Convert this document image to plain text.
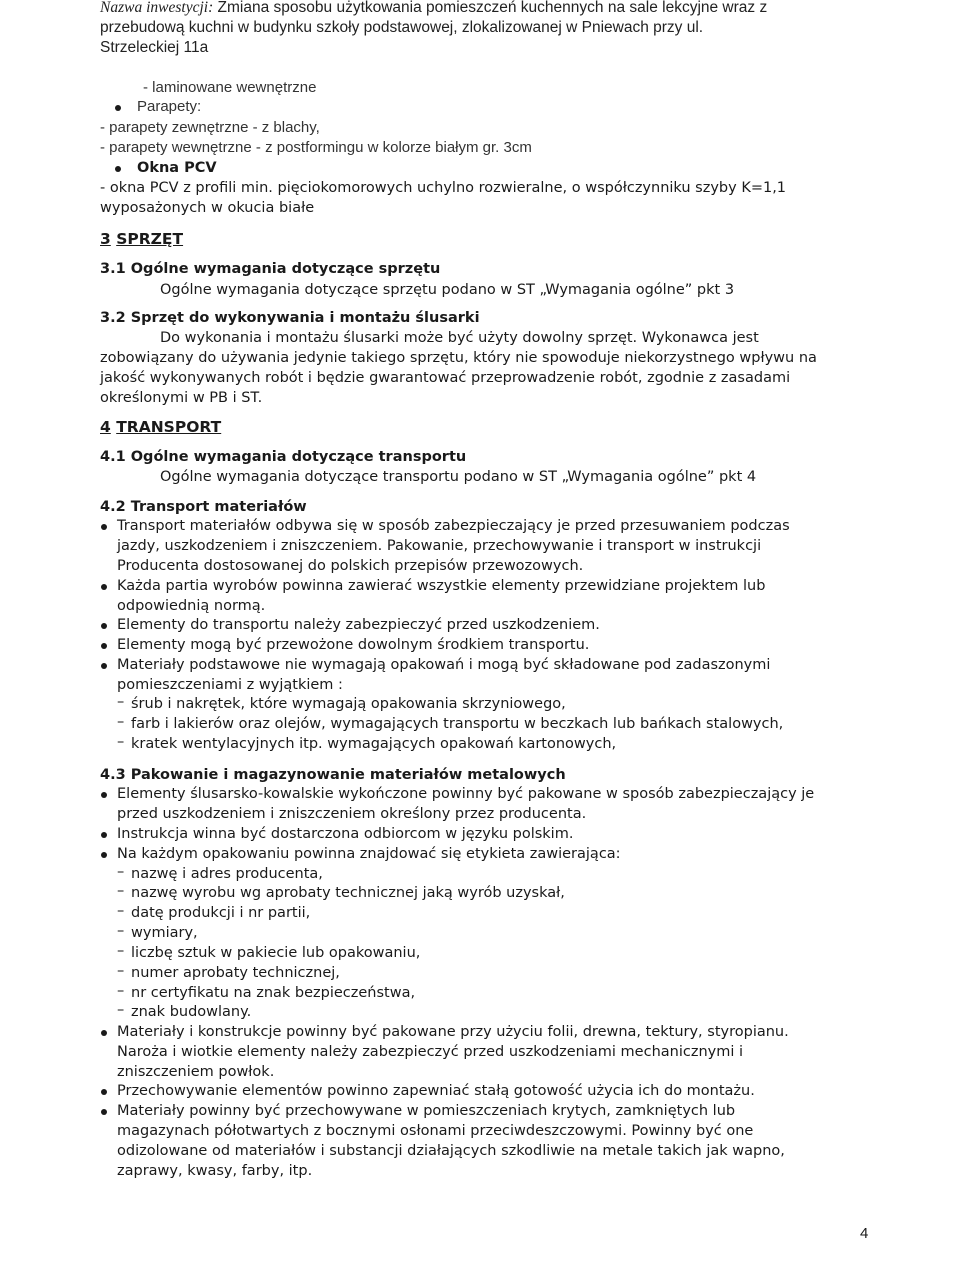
Nazwa inwestycji: Zmiana sposobu użytkowania pomieszczeń kuchennych na sale lekcyjne wraz z
przebudową kuchni w budynku szkoły podstawowej, zlokalizowanej w Pniewach przy ul.
Strzeleckiej 11a
- laminowane wewnętrzne
Parapety:
- parapety zewnętrzne - z blachy,
- parapety wewnętrzne - z postformingu w kolorze białym gr. 3cm
Okna PCV
- okna PCV z profili min. pięciokomorowych uchylno rozwieralne, o współczynniku szyby K=1,1
wyposażonych w okucia białe
3 SPRZĘT
3.1 Ogólne wymagania dotyczące sprzętu
Ogólne wymagania dotyczące sprzętu podano w ST „Wymagania ogólne” pkt 3
3.2 Sprzęt do wykonywania i montażu ślusarki
Do wykonania i montażu ślusarki może być użyty dowolny sprzęt. Wykonawca jest
zobowiązany do używania jedynie takiego sprzętu, który nie spowoduje niekorzystnego wpływu na
jakość wykonywanych robót i będzie gwarantować przeprowadzenie robót, zgodnie z zasadami
określonymi w PB i ST.
4 TRANSPORT
4.1 Ogólne wymagania dotyczące transportu
Ogólne wymagania dotyczące transportu podano w ST „Wymagania ogólne” pkt 4
4.2 Transport materiałów
Transport materiałów odbywa się w sposób zabezpieczający je przed przesuwaniem podczas
jazdy, uszkodzeniem i zniszczeniem. Pakowanie, przechowywanie i transport w instrukcji
Producenta dostosowanej do polskich przepisów przewozowych.
Każda partia wyrobów powinna zawierać wszystkie elementy przewidziane projektem lub
odpowiednią normą.
Elementy do transportu należy zabezpieczyć przed uszkodzeniem.
Elementy mogą być przewożone dowolnym środkiem transportu.
Materiały podstawowe nie wymagają opakowań i mogą być składowane pod zadaszonymi
pomieszczeniami z wyjątkiem :
– śrub i nakrętek, które wymagają opakowania skrzyniowego,
– farb i lakierów oraz olejów, wymagających transportu w beczkach lub bańkach stalowych,
– kratek wentylacyjnych itp. wymagających opakowań kartonowych,
4.3 Pakowanie i magazynowanie materiałów metalowych
Elementy ślusarsko-kowalskie wykończone powinny być pakowane w sposób zabezpieczający je
przed uszkodzeniem i zniszczeniem określony przez producenta.
Instrukcja winna być dostarczona odbiorcom w języku polskim.
Na każdym opakowaniu powinna znajdować się etykieta zawierająca:
– nazwę i adres producenta,
– nazwę wyrobu wg aprobaty technicznej jaką wyrób uzyskał,
– datę produkcji i nr partii,
– wymiary,
– liczbę sztuk w pakiecie lub opakowaniu,
– numer aprobaty technicznej,
– nr certyfikatu na znak bezpieczeństwa,
– znak budowlany.
Materiały i konstrukcje powinny być pakowane przy użyciu folii, drewna, tektury, styropianu.
Naroża i wiotkie elementy należy zabezpieczyć przed uszkodzeniami mechanicznymi i
zniszczeniem powłok.
Przechowywanie elementów powinno zapewniać stałą gotowość użycia ich do montażu.
Materiały powinny być przechowywane w pomieszczeniach krytych, zamkniętych lub
magazynach półotwartych z bocznymi osłonami przeciwdeszczowymi. Powinny być one
odizolowane od materiałów i substancji działających szkodliwie na metale takich jak wapno,
zaprawy, kwasy, farby, itp.
4
